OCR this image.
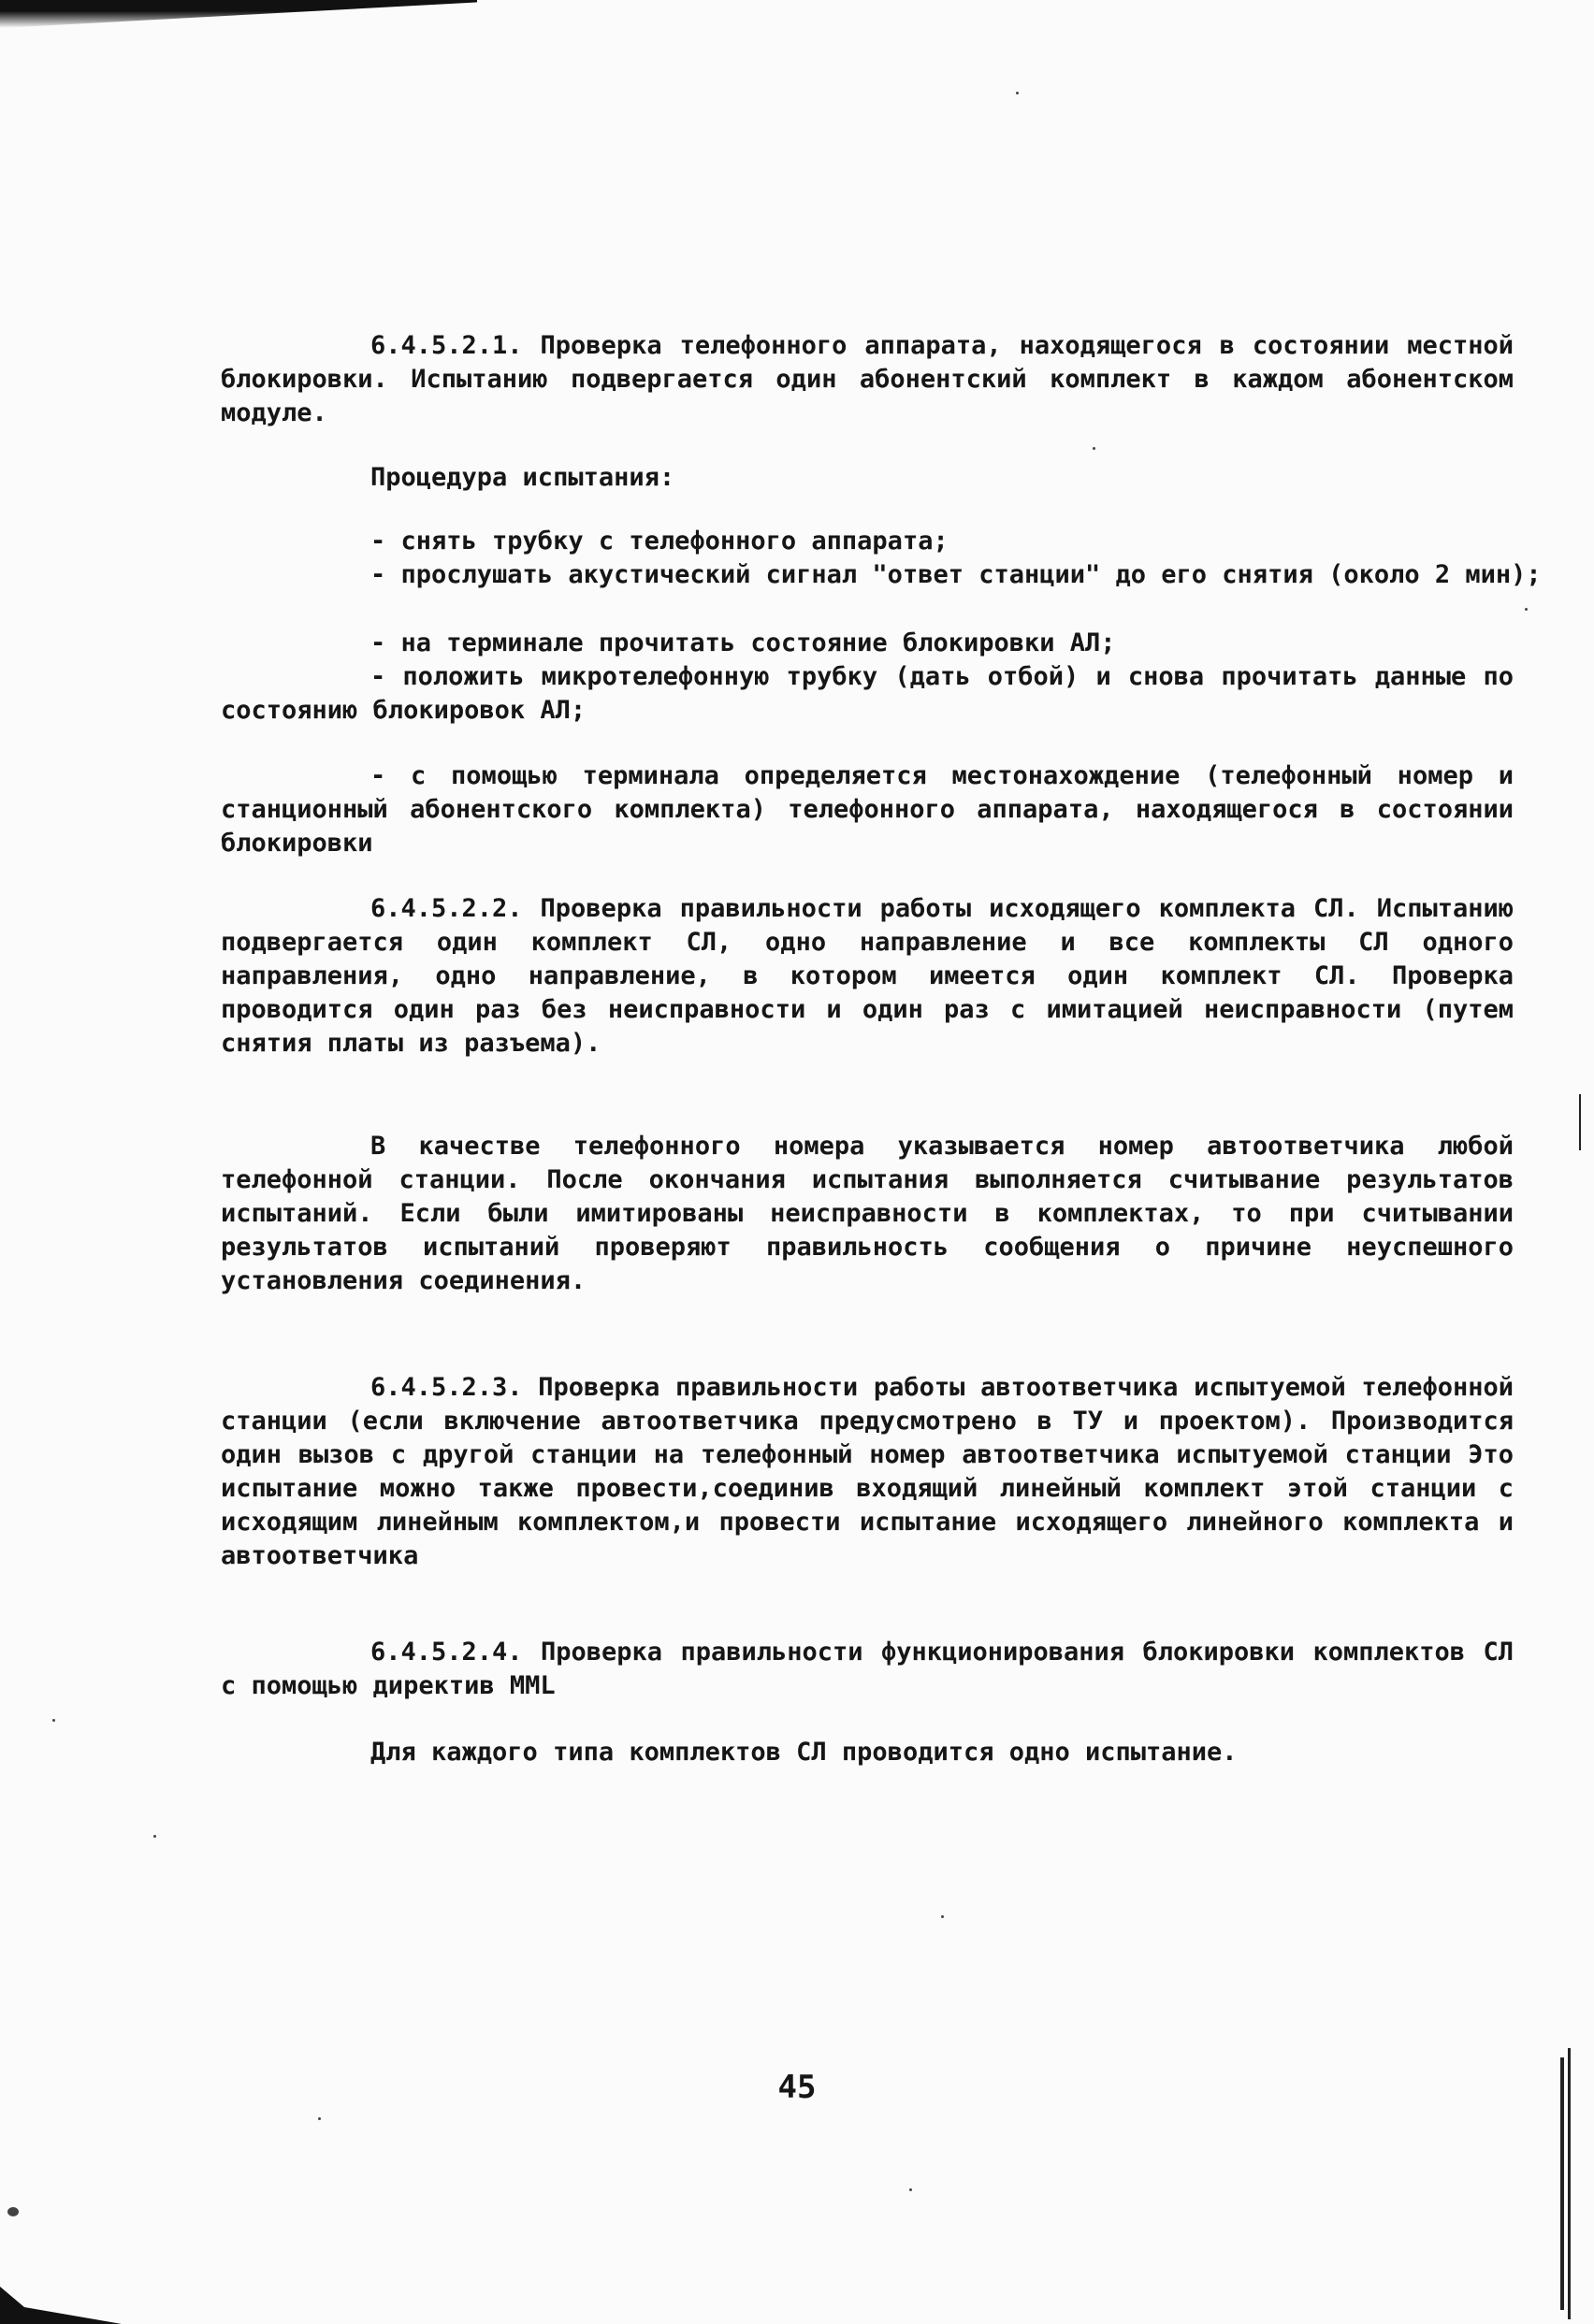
6.4.5.2.1. Проверка телефонного аппарата, находящегося в состоянии местной блокировки. Испытанию подвергается один абонентский комплект в каждом абонентском модуле.

Процедура испытания:

- снять трубку с телефонного аппарата;

- прослушать акустический сигнал "ответ станции" до его снятия (около 2 мин);

- на терминале прочитать состояние блокировки АЛ;

- положить микротелефонную трубку (дать отбой) и снова прочитать данные по состоянию блокировок АЛ;

- с помощью терминала определяется местонахождение (телефонный номер и станционный абонентского комплекта) телефонного аппарата, находящегося в состоянии блокировки

6.4.5.2.2. Проверка правильности работы исходящего комплекта СЛ. Испытанию подвергается один комплект СЛ, одно направление и все комплекты СЛ одного направления, одно направление, в котором имеется один комплект СЛ. Проверка проводится один раз без неисправности и один раз с имитацией неисправности (путем снятия платы из разъема).

В качестве телефонного номера указывается номер автоответчика любой телефонной станции. После окончания испытания выполняется считывание результатов испытаний. Если были имитированы неисправности в комплектах, то при считывании результатов испытаний проверяют правильность сообщения о причине неуспешного установления соединения.

6.4.5.2.3. Проверка правильности работы автоответчика испытуемой телефонной станции (если включение автоответчика предусмотрено в ТУ и проектом). Производится один вызов с другой станции на телефонный номер автоответчика испытуемой станции Это испытание можно также провести,соединив входящий линейный комплект этой станции с исходящим линейным комплектом,и провести испытание исходящего линейного комплекта и автоответчика

6.4.5.2.4. Проверка правильности функционирования блокировки комплектов СЛ с помощью директив MML

Для каждого типа комплектов СЛ проводится одно испытание.

45
